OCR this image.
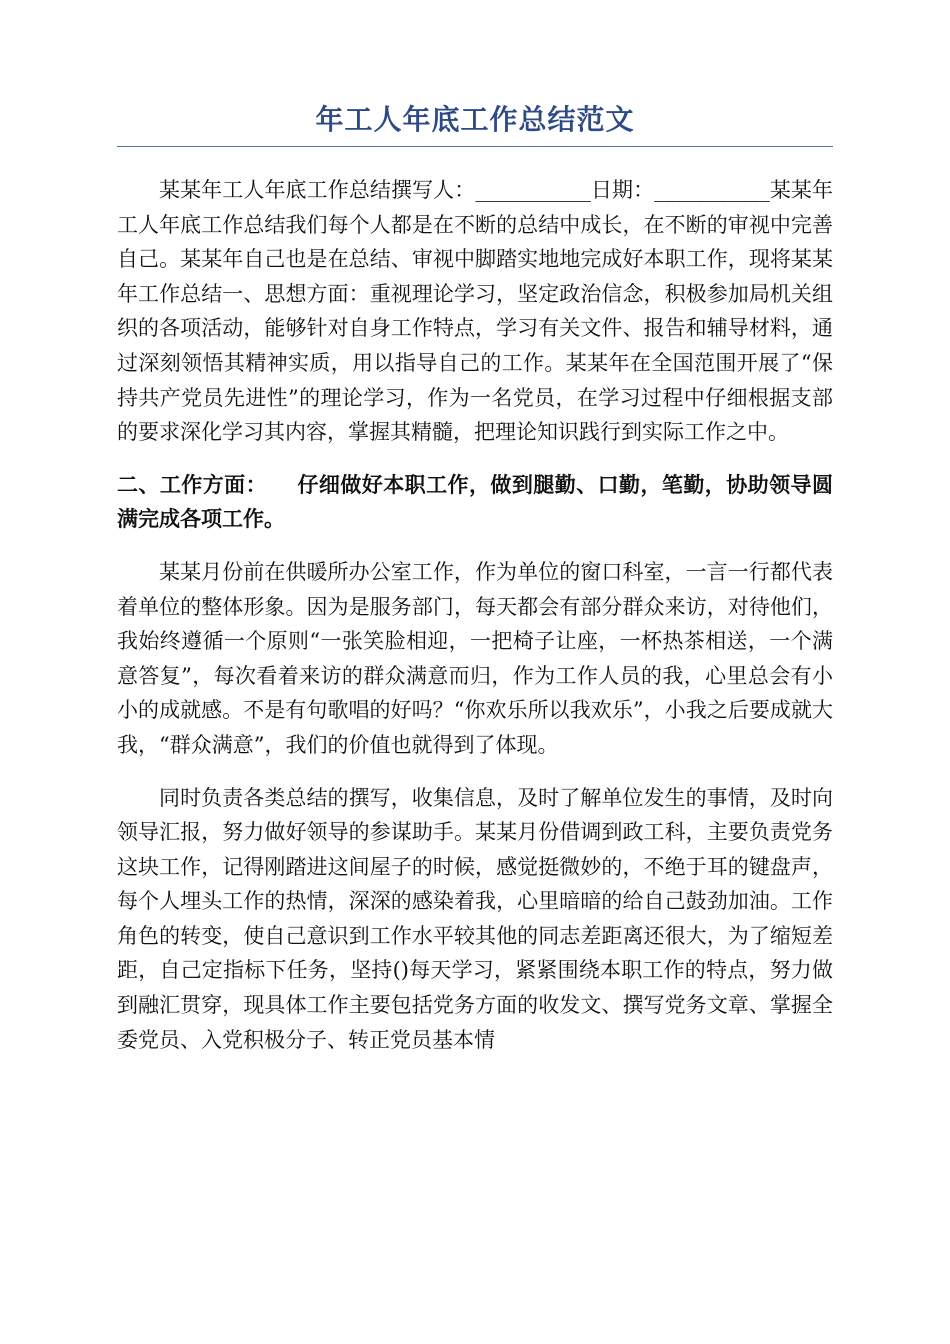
年工人年底工作总结范文

某某年工人年底工作总结撰写人：___________日期：___________某某年工人年底工作总结我们每个人都是在不断的总结中成长，在不断的审视中完善自己。某某年自己也是在总结、审视中脚踏实地地完成好本职工作，现将某某年工作总结一、思想方面：重视理论学习，坚定政治信念，积极参加局机关组织的各项活动，能够针对自身工作特点，学习有关文件、报告和辅导材料，通过深刻领悟其精神实质，用以指导自己的工作。某某年在全国范围开展了“保持共产党员先进性”的理论学习，作为一名党员，在学习过程中仔细根据支部的要求深化学习其内容，掌握其精髓，把理论知识践行到实际工作之中。

二、工作方面： 仔细做好本职工作，做到腿勤、口勤，笔勤，协助领导圆满完成各项工作。

某某月份前在供暖所办公室工作，作为单位的窗口科室，一言一行都代表着单位的整体形象。因为是服务部门，每天都会有部分群众来访，对待他们，我始终遵循一个原则“一张笑脸相迎，一把椅子让座，一杯热茶相送，一个满意答复”，每次看着来访的群众满意而归，作为工作人员的我，心里总会有小小的成就感。不是有句歌唱的好吗？“你欢乐所以我欢乐”，小我之后要成就大我，“群众满意”，我们的价值也就得到了体现。

同时负责各类总结的撰写，收集信息，及时了解单位发生的事情，及时向领导汇报，努力做好领导的参谋助手。某某月份借调到政工科，主要负责党务这块工作，记得刚踏进这间屋子的时候，感觉挺微妙的，不绝于耳的键盘声，每个人埋头工作的热情，深深的感染着我，心里暗暗的给自己鼓劲加油。工作角色的转变，使自己意识到工作水平较其他的同志差距离还很大，为了缩短差距，自己定指标下任务，坚持()每天学习，紧紧围绕本职工作的特点，努力做到融汇贯穿，现具体工作主要包括党务方面的收发文、撰写党务文章、掌握全委党员、入党积极分子、转正党员基本情
